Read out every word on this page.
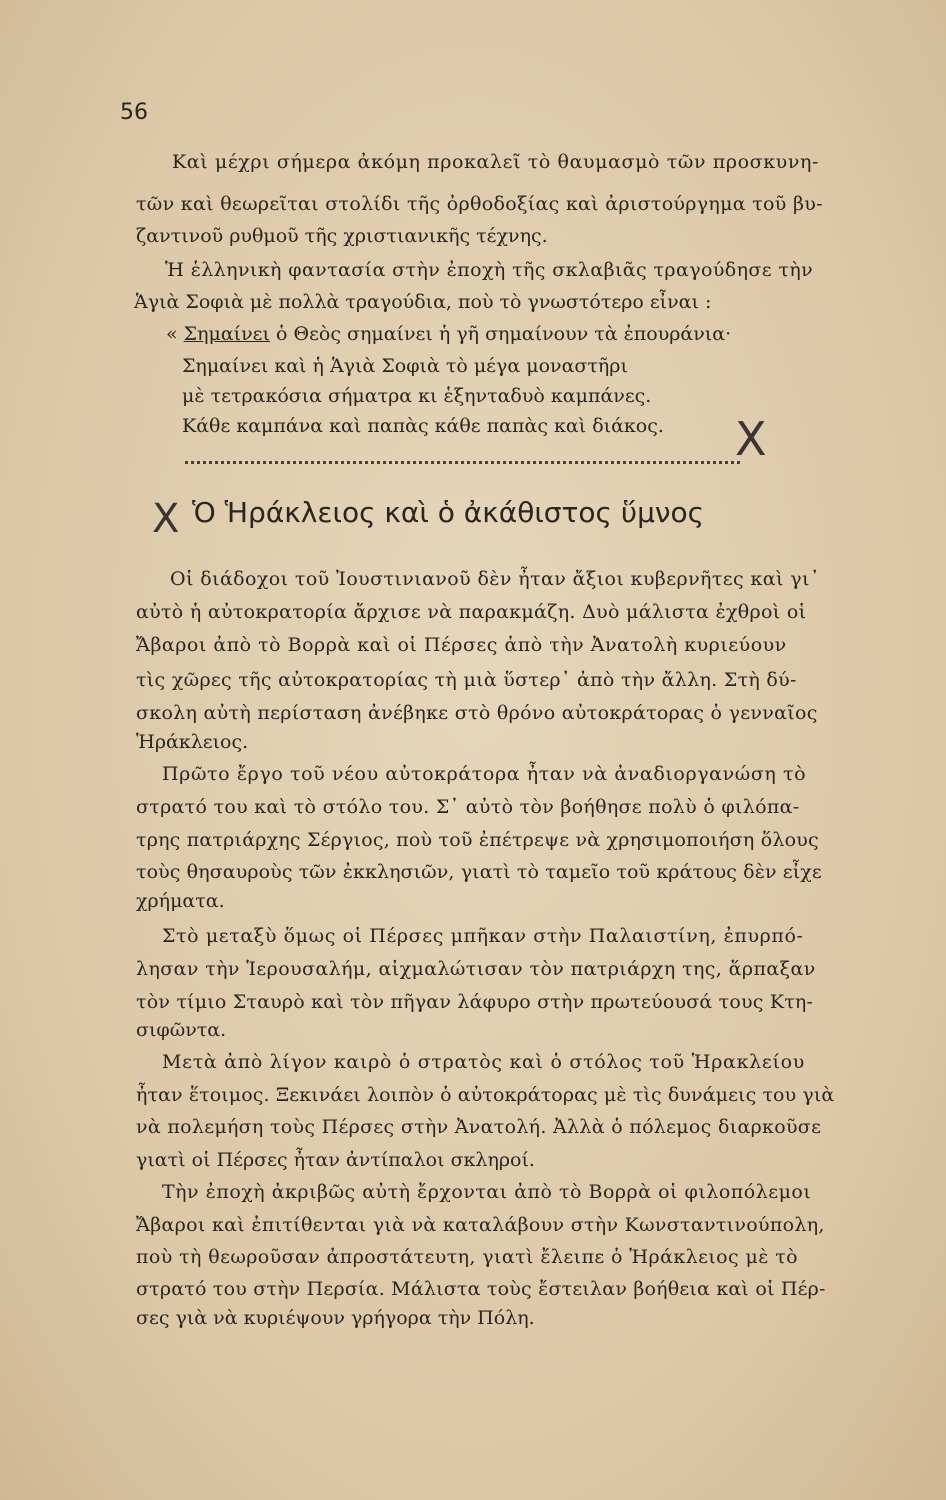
56
Καὶ μέχρι σήμερα ἀκόμη προκαλεῖ τὸ θαυμασμὸ τῶν προσκυνη-
τῶν καὶ θεωρεῖται στολίδι τῆς ὀρθοδοξίας καὶ ἀριστούργημα τοῦ βυ-
ζαντινοῦ ρυθμοῦ τῆς χριστιανικῆς τέχνης.
Ἡ ἑλληνικὴ φαντασία στὴν ἐποχὴ τῆς σκλαβιᾶς τραγούδησε τὴν
Ἁγιὰ Σοφιὰ μὲ πολλὰ τραγούδια, ποὺ τὸ γνωστότερο εἶναι :
« Σημαίνει ὁ Θεὸς σημαίνει ἡ γῆ σημαίνουν τὰ ἐπουράνια·
Σημαίνει καὶ ἡ Ἁγιὰ Σοφιὰ τὸ μέγα μοναστῆρι
μὲ τετρακόσια σήματρα κι ἑξηνταδυὸ καμπάνες.
Κάθε καμπάνα καὶ παπὰς κάθε παπὰς καὶ διάκος. X
X Ὁ Ἡράκλειος καὶ ὁ ἀκάθιστος ὕμνος
Οἱ διάδοχοι τοῦ Ἰουστινιανοῦ δὲν ἦταν ἄξιοι κυβερνῆτες καὶ γι᾽
αὐτὸ ἡ αὐτοκρατορία ἄρχισε νὰ παρακμάζη. Δυὸ μάλιστα ἐχθροὶ οἱ
Ἄβαροι ἀπὸ τὸ Βορρὰ καὶ οἱ Πέρσες ἀπὸ τὴν Ἀνατολὴ κυριεύουν
τὶς χῶρες τῆς αὐτοκρατορίας τὴ μιὰ ὕστερ᾽ ἀπὸ τὴν ἄλλη. Στὴ δύ-
σκολη αὐτὴ περίσταση ἀνέβηκε στὸ θρόνο αὐτοκράτορας ὁ γενναῖος
Ἡράκλειος.
Πρῶτο ἔργο τοῦ νέου αὐτοκράτορα ἦταν νὰ ἀναδιοργανώση τὸ
στρατό του καὶ τὸ στόλο του. Σ᾽ αὐτὸ τὸν βοήθησε πολὺ ὁ φιλόπα-
τρης πατριάρχης Σέργιος, ποὺ τοῦ ἐπέτρεψε νὰ χρησιμοποιήση ὅλους
τοὺς θησαυροὺς τῶν ἐκκλησιῶν, γιατὶ τὸ ταμεῖο τοῦ κράτους δὲν εἶχε
χρήματα.
Στὸ μεταξὺ ὅμως οἱ Πέρσες μπῆκαν στὴν Παλαιστίνη, ἐπυρπό-
λησαν τὴν Ἱερουσαλήμ, αἰχμαλώτισαν τὸν πατριάρχη της, ἅρπαξαν
τὸν τίμιο Σταυρὸ καὶ τὸν πῆγαν λάφυρο στὴν πρωτεύουσά τους Κτη-
σιφῶντα.
Μετὰ ἀπὸ λίγον καιρὸ ὁ στρατὸς καὶ ὁ στόλος τοῦ Ἡρακλείου
ἦταν ἕτοιμος. Ξεκινάει λοιπὸν ὁ αὐτοκράτορας μὲ τὶς δυνάμεις του γιὰ
νὰ πολεμήση τοὺς Πέρσες στὴν Ἀνατολή. Ἀλλὰ ὁ πόλεμος διαρκοῦσε
γιατὶ οἱ Πέρσες ἦταν ἀντίπαλοι σκληροί.
Τὴν ἐποχὴ ἀκριβῶς αὐτὴ ἔρχονται ἀπὸ τὸ Βορρὰ οἱ φιλοπόλεμοι
Ἄβαροι καὶ ἐπιτίθενται γιὰ νὰ καταλάβουν στὴν Κωνσταντινούπολη,
ποὺ τὴ θεωροῦσαν ἀπροστάτευτη, γιατὶ ἔλειπε ὁ Ἡράκλειος μὲ τὸ
στρατό του στὴν Περσία. Μάλιστα τοὺς ἔστειλαν βοήθεια καὶ οἱ Πέρ-
σες γιὰ νὰ κυριέψουν γρήγορα τὴν Πόλη.
